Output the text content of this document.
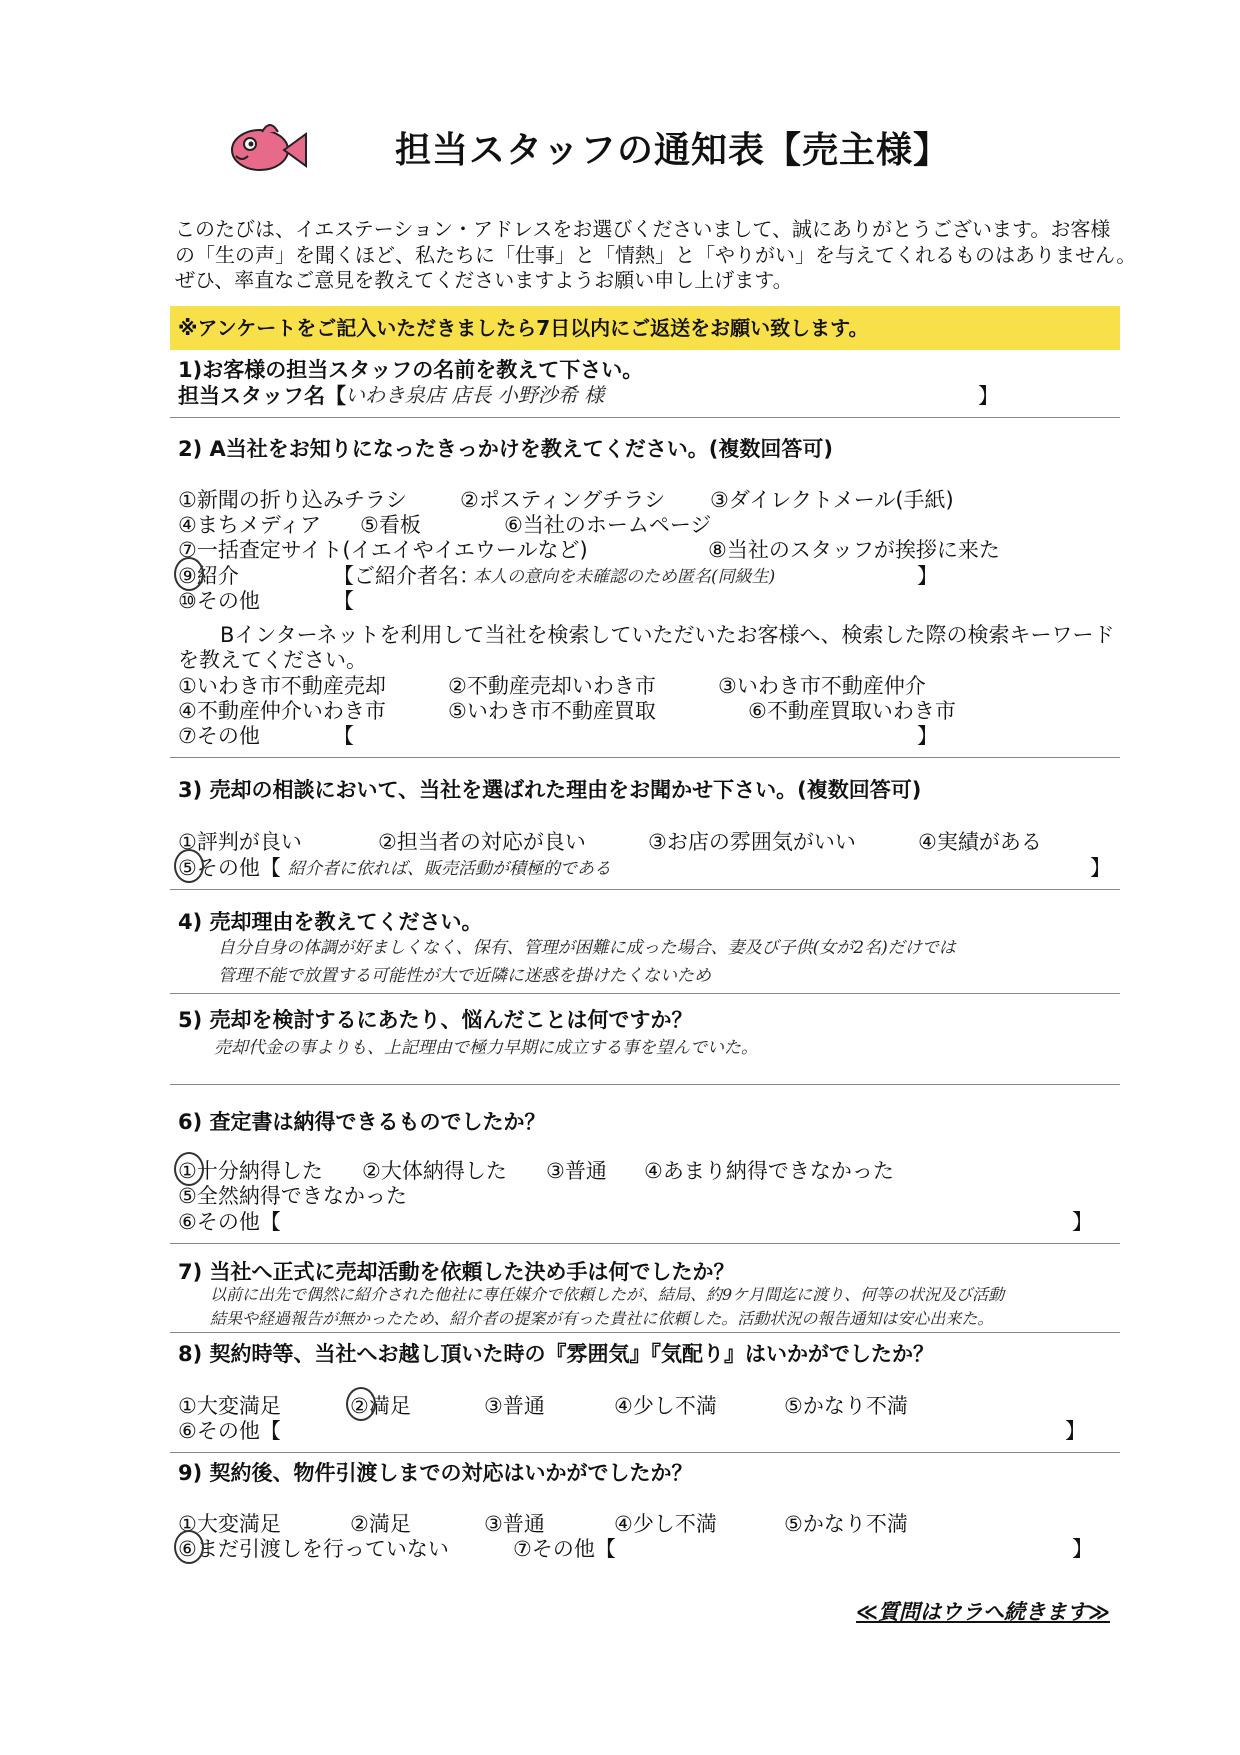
担当スタッフの通知表【売主様】
このたびは、イエステーション・アドレスをお選びくださいまして、誠にありがとうございます。お客様
の「生の声」を聞くほど、私たちに「仕事」と「情熱」と「やりがい」を与えてくれるものはありません。
ぜひ、率直なご意見を教えてくださいますようお願い申し上げます。
※アンケートをご記入いただきましたら7日以内にご返送をお願い致します。
1)お客様の担当スタッフの名前を教えて下さい。
担当スタッフ名【 いわき泉店 店長 小野沙希 様	】
2) A当社をお知りになったきっかけを教えてください。(複数回答可)
①新聞の折り込みチラシ	②ポスティングチラシ ③ダイレクトメール(手紙)
④まちメディア ⑤看板	⑥当社のホームページ
⑦一括査定サイト(イエイやイエウールなど)	⑧当社のスタッフが挨拶に来た
⑨紹介	【ご紹介者名：
本人の意向を未確認のため匿名(同級生)	】
⑩その他	【
Bインターネットを利用して当社を検索していただいたお客様へ、検索した際の検索キーワード
を教えてください。
①いわき市不動産売却	②不動産売却いわき市	③いわき市不動産仲介
④不動産仲介いわき市	⑤いわき市不動産買取	⑥不動産買取いわき市
⑦その他	【	】
3) 売却の相談において、当社を選ばれた理由をお聞かせ下さい。(複数回答可)
①評判が良い	②担当者の対応が良い	③お店の雰囲気がいい	④実績がある
⑤その他【 紹介者に依れば、販売活動が積極的である	】
4) 売却理由を教えてください。
自分自身の体調が好ましくなく、保有、管理が困難に成った場合、妻及び子供(女が2名)だけでは
管理不能で放置する可能性が大で近隣に迷惑を掛けたくないため
5) 売却を検討するにあたり、悩んだことは何ですか？
売却代金の事よりも、上記理由で極力早期に成立する事を望んでいた。
6) 査定書は納得できるものでしたか？
①十分納得した ②大体納得した ③普通 ④あまり納得できなかった
⑤全然納得できなかった
⑥その他【	】
7) 当社へ正式に売却活動を依頼した決め手は何でしたか？
以前に出先で偶然に紹介された他社に専任媒介で依頼したが、結局、約9ケ月間迄に渡り、何等の状況及び活動
結果や経過報告が無かったため、紹介者の提案が有った貴社に依頼した。活動状況の報告通知は安心出来た。
8) 契約時等、当社へお越し頂いた時の『雰囲気』『気配り』はいかがでしたか？
①大変満足	②満足	③普通	④少し不満	⑤かなり不満
⑥その他【	】
9) 契約後、物件引渡しまでの対応はいかがでしたか？
①大変満足	②満足	③普通	④少し不満	⑤かなり不満
⑥まだ引渡しを行っていない	⑦その他【	】
≪質問はウラへ続きます≫
